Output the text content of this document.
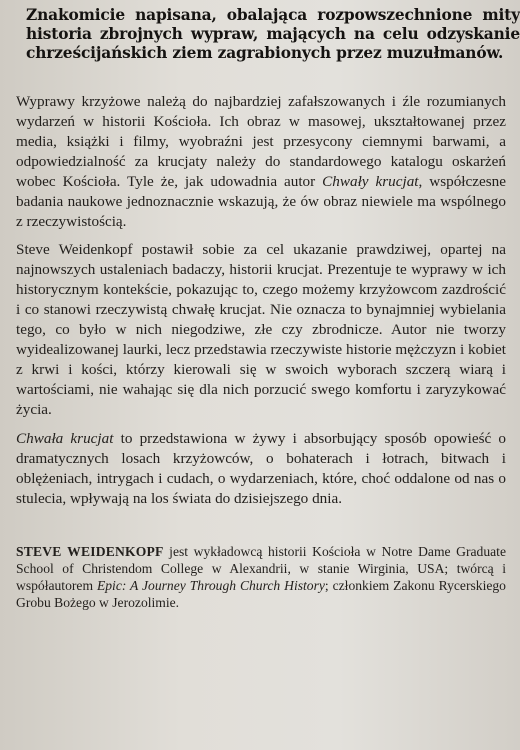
Znakomicie napisana, obalająca rozpowszechnione mity historia zbrojnych wypraw, mających na celu odzyskanie chrześcijańskich ziem zagrabionych przez muzułmanów.

Wyprawy krzyżowe należą do najbardziej zafałszowanych i źle rozumianych wydarzeń w historii Kościoła. Ich obraz w masowej, ukształtowanej przez media, książki i filmy, wyobraźni jest przesycony ciemnymi barwami, a odpowiedzialność za krucjaty należy do standardowego katalogu oskarżeń wobec Kościoła. Tyle że, jak udowadnia autor Chwały krucjat, współczesne badania naukowe jednoznacznie wskazują, że ów obraz niewiele ma wspólnego z rzeczywistością.

Steve Weidenkopf postawił sobie za cel ukazanie prawdziwej, opartej na najnowszych ustaleniach badaczy, historii krucjat. Prezentuje te wyprawy w ich historycznym kontekście, pokazując to, czego możemy krzyżowcom zazdrościć i co stanowi rzeczywistą chwałę krucjat. Nie oznacza to bynajmniej wybielania tego, co było w nich niegodziwe, złe czy zbrodnicze. Autor nie tworzy wyidealizowanej laurki, lecz przedstawia rzeczywiste historie mężczyzn i kobiet z krwi i kości, którzy kierowali się w swoich wyborach szczerą wiarą i wartościami, nie wahając się dla nich porzucić swego komfortu i zaryzykować życia.

Chwała krucjat to przedstawiona w żywy i absorbujący sposób opowieść o dramatycznych losach krzyżowców, o bohaterach i łotrach, bitwach i oblężeniach, intrygach i cudach, o wydarzeniach, które, choć oddalone od nas o stulecia, wpływają na los świata do dzisiejszego dnia.

STEVE WEIDENKOPF jest wykładowcą historii Kościoła w Notre Dame Graduate School of Christendom College w Alexandrii, w stanie Wirginia, USA; twórcą i współautorem Epic: A Journey Through Church History; członkiem Zakonu Rycerskiego Grobu Bożego w Jerozolimie.
